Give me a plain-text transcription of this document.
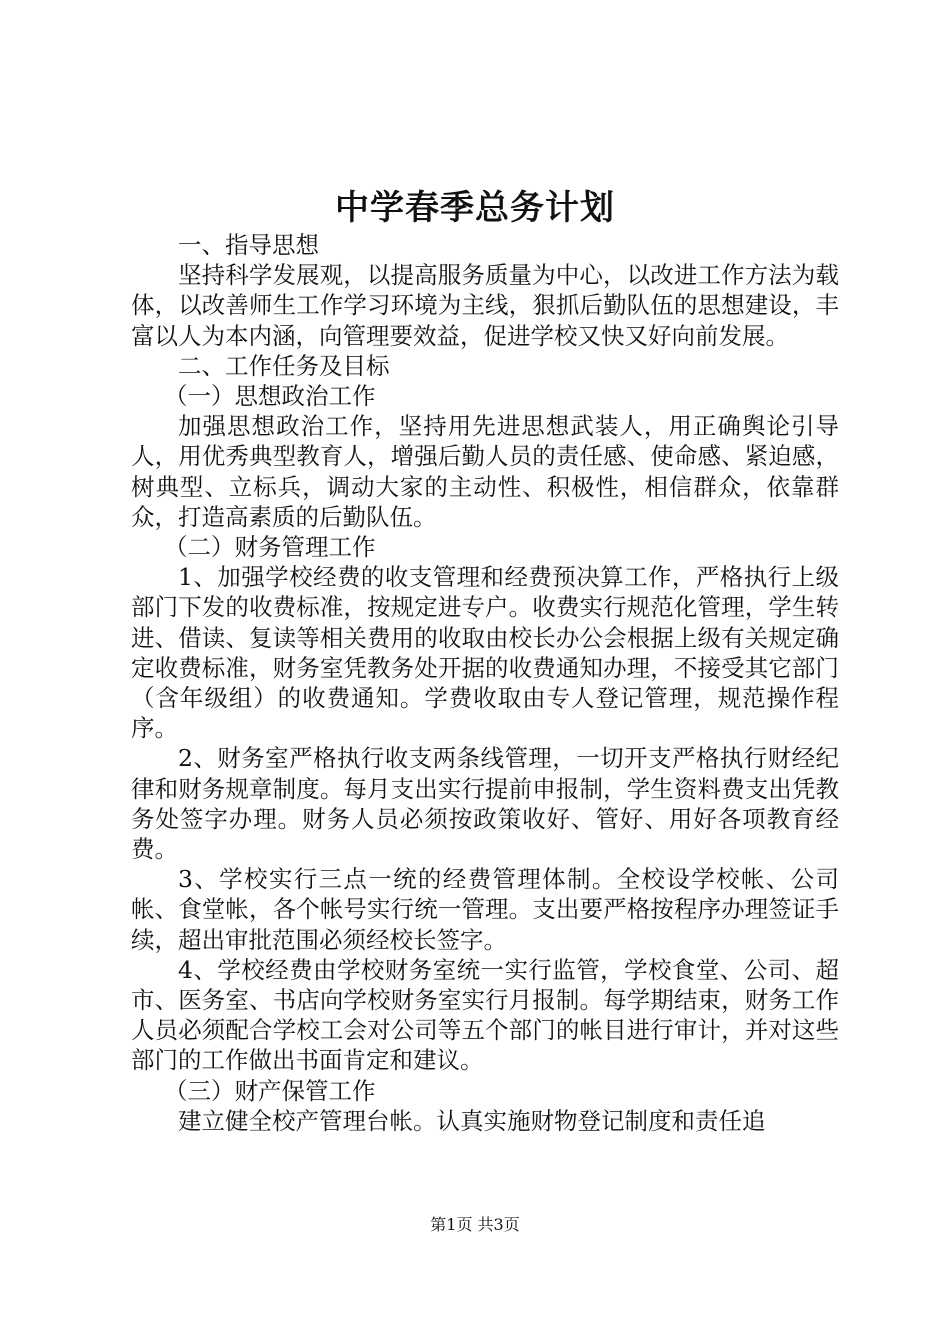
中学春季总务计划

一、指导思想

坚持科学发展观，以提高服务质量为中心，以改进工作方法为载体，以改善师生工作学习环境为主线，狠抓后勤队伍的思想建设，丰富以人为本内涵，向管理要效益，促进学校又快又好向前发展。

二、工作任务及目标

（一）思想政治工作

加强思想政治工作，坚持用先进思想武装人，用正确舆论引导人，用优秀典型教育人，增强后勤人员的责任感、使命感、紧迫感，树典型、立标兵，调动大家的主动性、积极性，相信群众，依靠群众，打造高素质的后勤队伍。

（二）财务管理工作

1、加强学校经费的收支管理和经费预决算工作，严格执行上级部门下发的收费标准，按规定进专户。收费实行规范化管理，学生转进、借读、复读等相关费用的收取由校长办公会根据上级有关规定确定收费标准，财务室凭教务处开据的收费通知办理，不接受其它部门（含年级组）的收费通知。学费收取由专人登记管理，规范操作程序。

2、财务室严格执行收支两条线管理，一切开支严格执行财经纪律和财务规章制度。每月支出实行提前申报制，学生资料费支出凭教务处签字办理。财务人员必须按政策收好、管好、用好各项教育经费。

3、学校实行三点一统的经费管理体制。全校设学校帐、公司帐、食堂帐，各个帐号实行统一管理。支出要严格按程序办理签证手续，超出审批范围必须经校长签字。

4、学校经费由学校财务室统一实行监管，学校食堂、公司、超市、医务室、书店向学校财务室实行月报制。每学期结束，财务工作人员必须配合学校工会对公司等五个部门的帐目进行审计，并对这些部门的工作做出书面肯定和建议。

（三）财产保管工作

建立健全校产管理台帐。认真实施财物登记制度和责任追

第1页 共3页
